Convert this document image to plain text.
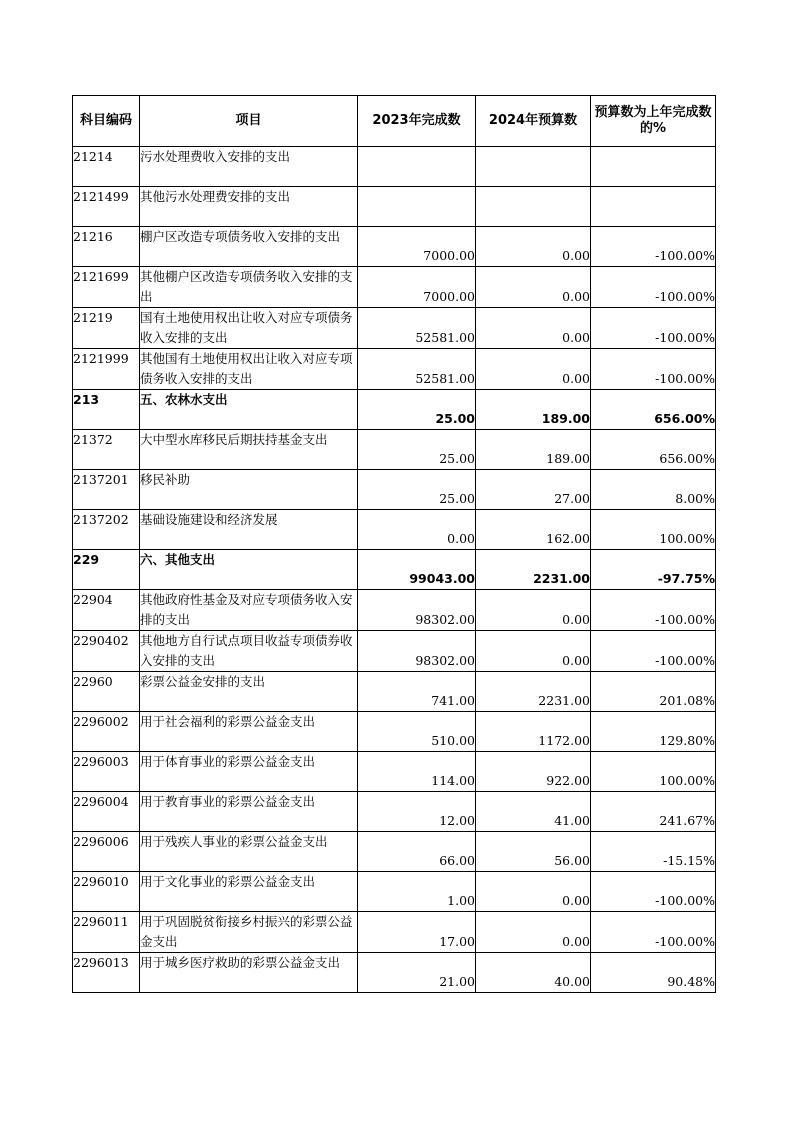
科目编码	项目	2023年完成数	2024年预算数	预算数为上年完成数的%
21214	污水处理费收入安排的支出			
2121499	其他污水处理费安排的支出			
21216	棚户区改造专项债务收入安排的支出	7000.00	0.00	-100.00%
2121699	其他棚户区改造专项债务收入安排的支出	7000.00	0.00	-100.00%
21219	国有土地使用权出让收入对应专项债务收入安排的支出	52581.00	0.00	-100.00%
2121999	其他国有土地使用权出让收入对应专项债务收入安排的支出	52581.00	0.00	-100.00%
213	五、农林水支出	25.00	189.00	656.00%
21372	大中型水库移民后期扶持基金支出	25.00	189.00	656.00%
2137201	移民补助	25.00	27.00	8.00%
2137202	基础设施建设和经济发展	0.00	162.00	100.00%
229	六、其他支出	99043.00	2231.00	-97.75%
22904	其他政府性基金及对应专项债务收入安排的支出	98302.00	0.00	-100.00%
2290402	其他地方自行试点项目收益专项债券收入安排的支出	98302.00	0.00	-100.00%
22960	彩票公益金安排的支出	741.00	2231.00	201.08%
2296002	用于社会福利的彩票公益金支出	510.00	1172.00	129.80%
2296003	用于体育事业的彩票公益金支出	114.00	922.00	100.00%
2296004	用于教育事业的彩票公益金支出	12.00	41.00	241.67%
2296006	用于残疾人事业的彩票公益金支出	66.00	56.00	-15.15%
2296010	用于文化事业的彩票公益金支出	1.00	0.00	-100.00%
2296011	用于巩固脱贫衔接乡村振兴的彩票公益金支出	17.00	0.00	-100.00%
2296013	用于城乡医疗救助的彩票公益金支出	21.00	40.00	90.48%
